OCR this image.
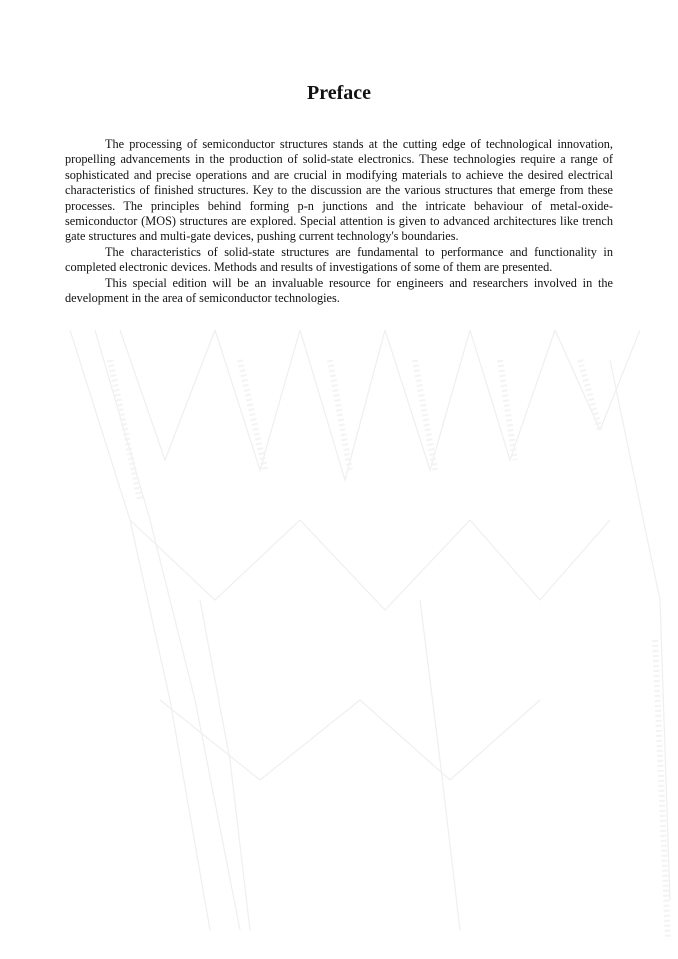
Preface

The processing of semiconductor structures stands at the cutting edge of technological innovation, propelling advancements in the production of solid-state electronics. These technologies require a range of sophisticated and precise operations and are crucial in modifying materials to achieve the desired electrical characteristics of finished structures. Key to the discussion are the various structures that emerge from these processes. The principles behind forming p-n junctions and the intricate behaviour of metal-oxide-semiconductor (MOS) structures are explored. Special attention is given to advanced architectures like trench gate structures and multi-gate devices, pushing current technology's boundaries.

The characteristics of solid-state structures are fundamental to performance and functionality in completed electronic devices. Methods and results of investigations of some of them are presented.

This special edition will be an invaluable resource for engineers and researchers involved in the development in the area of semiconductor technologies.
